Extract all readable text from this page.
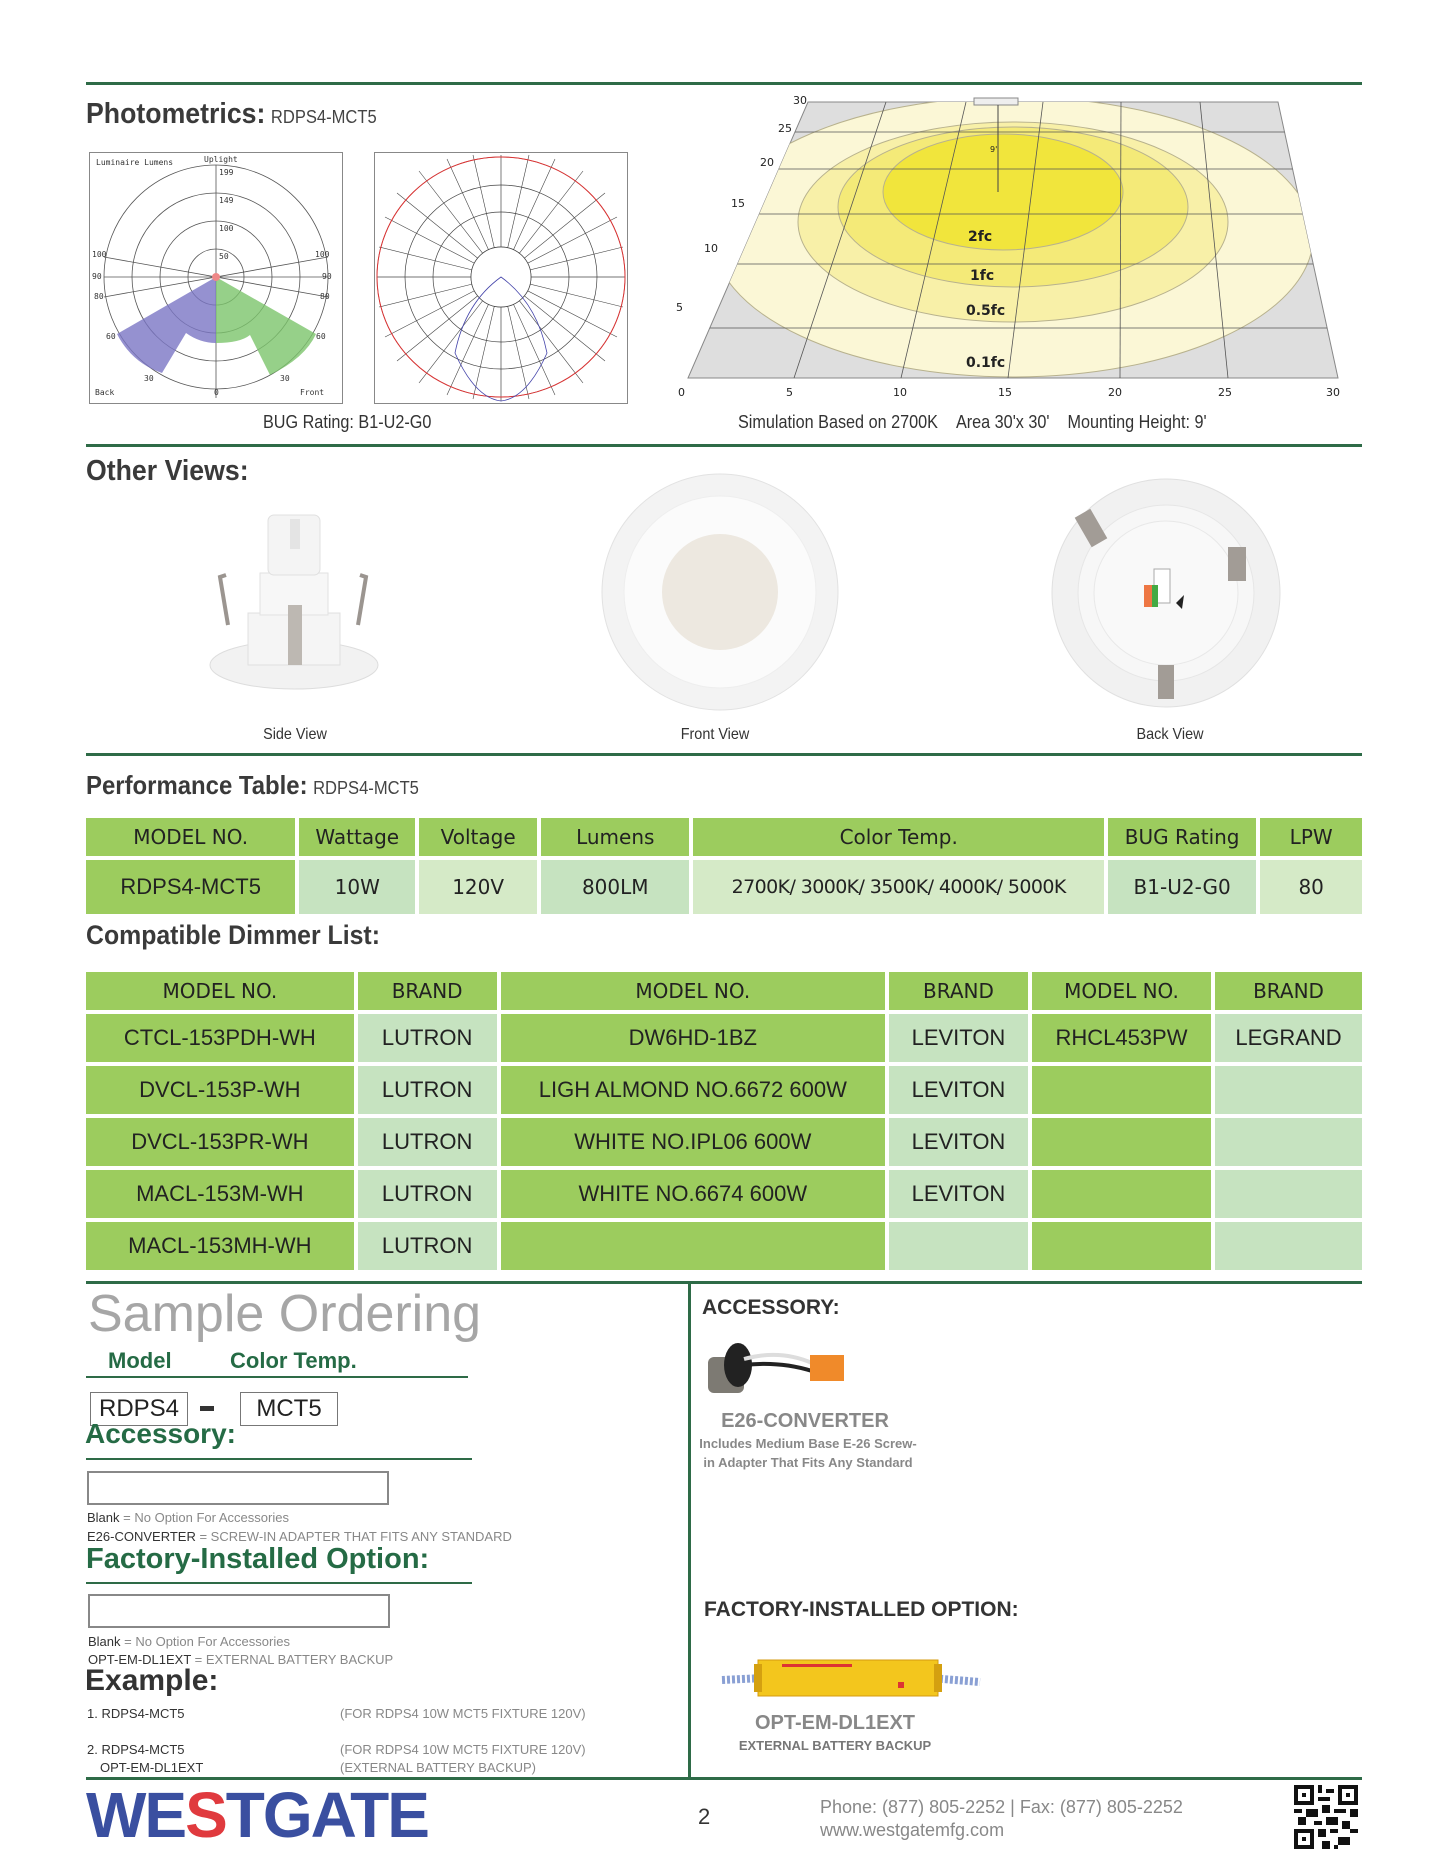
Photometrics: RDPS4-MCT5
Luminaire Lumens	Uplight
199
149
100
50
100
90
80
60
30
100
90
80
60
30
0
Back	Front
BUG Rating: B1-U2-G0
9'
2fc
1fc
0.5fc
0.1fc
30
25
20
15
10
5
0	5	10	15	20	25	30
Simulation Based on 2700K Area 30'x 30' Mounting Height: 9'
Other Views:
Side View	Front View	Back View
Performance Table: RDPS4-MCT5
MODEL NO.	Wattage	Voltage	Lumens	Color Temp.	BUG Rating	LPW
RDPS4-MCT5	10W	120V	800LM	2700K/ 3000K/ 3500K/ 4000K/ 5000K	B1-U2-G0	80
Compatible Dimmer List:
MODEL NO.	BRAND	MODEL NO.	BRAND	MODEL NO.	BRAND
CTCL-153PDH-WH	LUTRON	DW6HD-1BZ	LEVITON	RHCL453PW	LEGRAND
DVCL-153P-WH	LUTRON	LIGH ALMOND NO.6672 600W	LEVITON		
DVCL-153PR-WH	LUTRON	WHITE NO.IPL06 600W	LEVITON		
MACL-153M-WH	LUTRON	WHITE NO.6674 600W	LEVITON		
MACL-153MH-WH	LUTRON				
Sample Ordering
Model	Color Temp.
RDPS4	MCT5
Accessory:
Blank = No Option For Accessories
E26-CONVERTER = SCREW-IN ADAPTER THAT FITS ANY STANDARD
Factory-Installed Option:
Blank = No Option For Accessories
OPT-EM-DL1EXT = EXTERNAL BATTERY BACKUP
Example:
1. RDPS4-MCT5	(FOR RDPS4 10W MCT5 FIXTURE 120V)
2. RDPS4-MCT5	(FOR RDPS4 10W MCT5 FIXTURE 120V)
OPT-EM-DL1EXT	(EXTERNAL BATTERY BACKUP)
ACCESSORY:
E26-CONVERTER
Includes Medium Base E-26 Screw-in Adapter That Fits Any Standard
FACTORY-INSTALLED OPTION:
OPT-EM-DL1EXT
EXTERNAL BATTERY BACKUP
WESTGATE	2	Phone: (877) 805-2252 | Fax: (877) 805-2252
www.westgatemfg.com
